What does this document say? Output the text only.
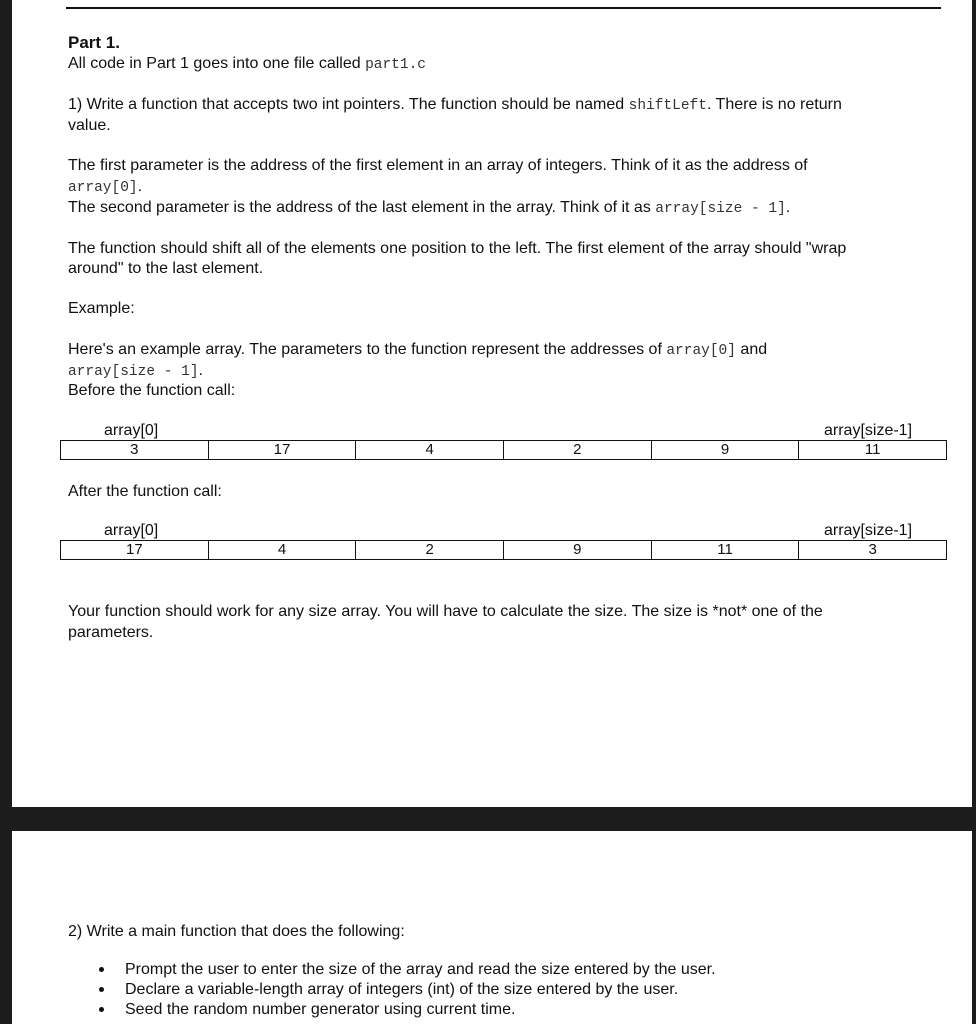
Part 1.
All code in Part 1 goes into one file called part1.c
1) Write a function that accepts two int pointers. The function should be named shiftLeft. There is no return
value.
The first parameter is the address of the first element in an array of integers. Think of it as the address of
array[0].
The second parameter is the address of the last element in the array. Think of it as array[size - 1].
The function should shift all of the elements one position to the left. The first element of the array should "wrap
around" to the last element.
Example:
Here's an example array. The parameters to the function represent the addresses of array[0] and
array[size - 1].
Before the function call:
array[0]	array[size-1]
3	17	4	2	9	11
After the function call:
array[0]	array[size-1]
17	4	2	9	11	3
Your function should work for any size array. You will have to calculate the size. The size is *not* one of the
parameters.
2) Write a main function that does the following:
Prompt the user to enter the size of the array and read the size entered by the user.
Declare a variable-length array of integers (int) of the size entered by the user.
Seed the random number generator using current time.
